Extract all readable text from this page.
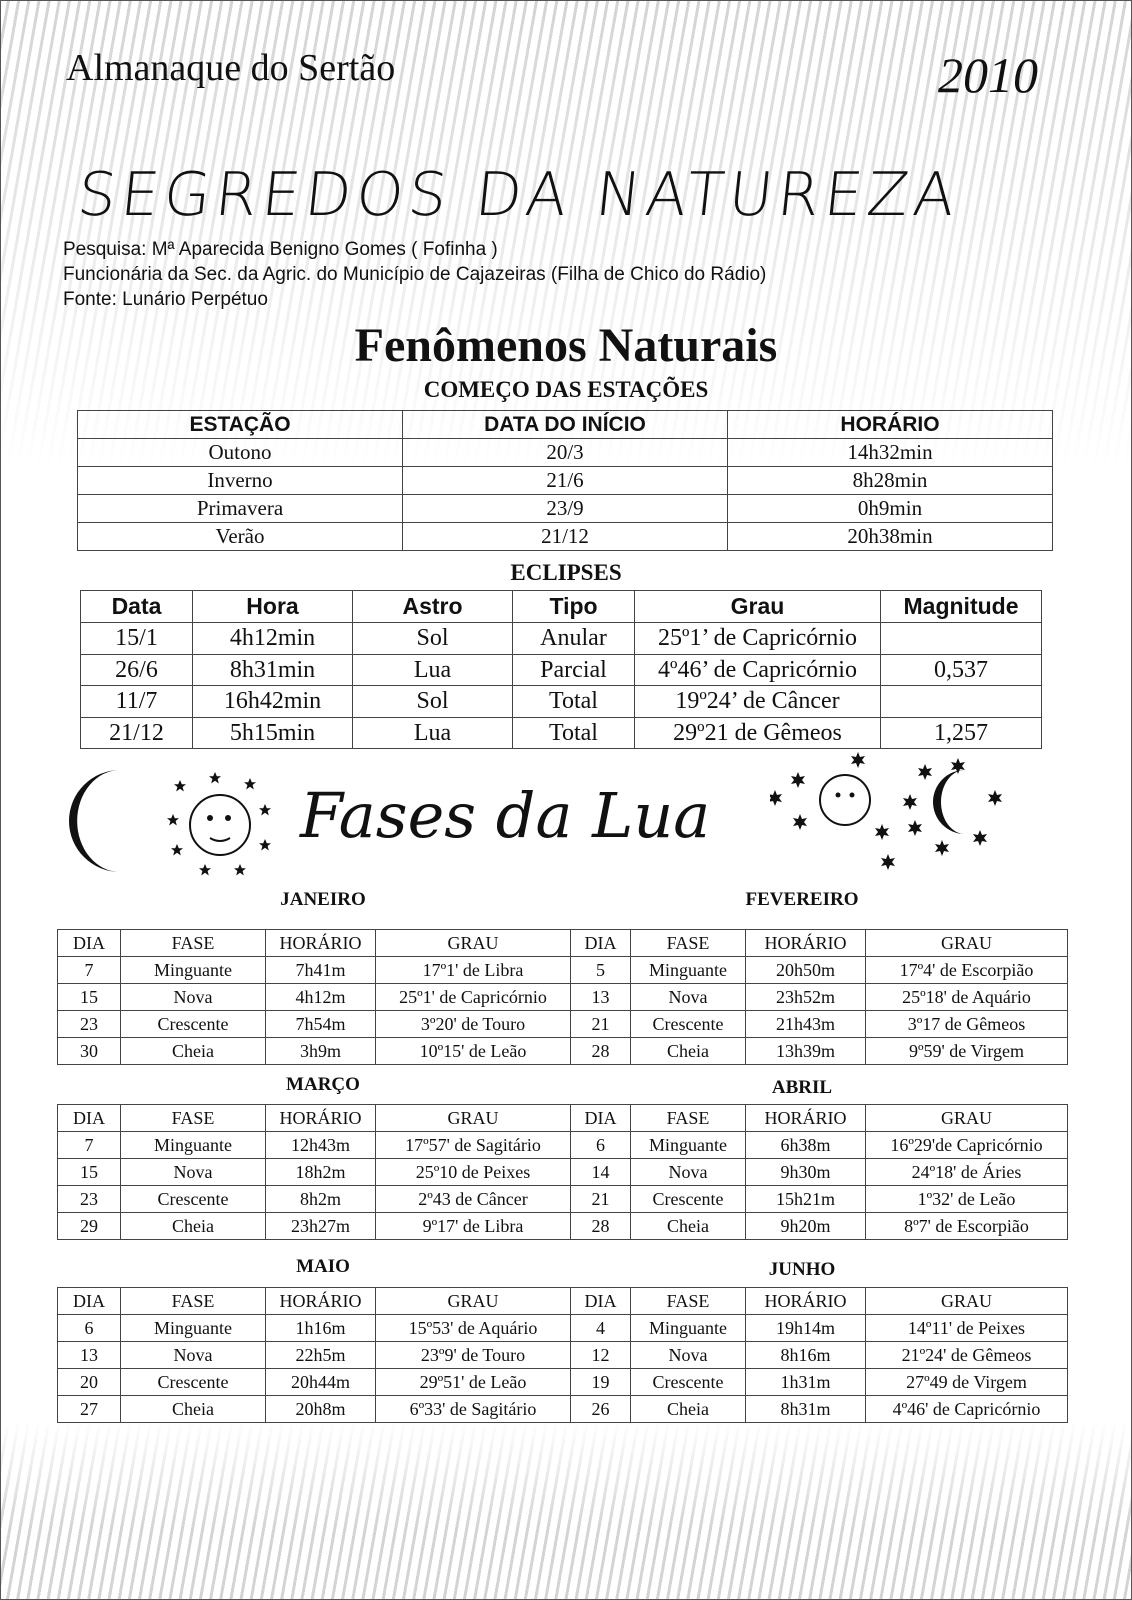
Almanaque do Sertão	2010
SEGREDOS DA NATUREZA
Pesquisa: Mª Aparecida Benigno Gomes ( Fofinha )
Funcionária da Sec. da Agric. do Município de Cajazeiras (Filha de Chico do Rádio)
Fonte: Lunário Perpétuo
Fenômenos Naturais
COMEÇO DAS ESTAÇÕES
ESTAÇÃO	DATA DO INÍCIO	HORÁRIO
Outono	20/3	14h32min
Inverno	21/6	8h28min
Primavera	23/9	0h9min
Verão	21/12	20h38min
ECLIPSES
Data	Hora	Astro	Tipo	Grau	Magnitude
15/1	4h12min	Sol	Anular	25º1’ de Capricórnio	
26/6	8h31min	Lua	Parcial	4º46’ de Capricórnio	0,537
11/7	16h42min	Sol	Total	19º24’ de Câncer	
21/12	5h15min	Lua	Total	29º21 de Gêmeos	1,257
Fases da Lua
JANEIRO	FEVEREIRO
DIA	FASE	HORÁRIO	GRAU	DIA	FASE	HORÁRIO	GRAU
7	Minguante	7h41m	17º1' de Libra	5	Minguante	20h50m	17º4' de Escorpião
15	Nova	4h12m	25º1' de Capricórnio	13	Nova	23h52m	25º18' de Aquário
23	Crescente	7h54m	3º20' de Touro	21	Crescente	21h43m	3º17 de Gêmeos
30	Cheia	3h9m	10º15' de Leão	28	Cheia	13h39m	9º59' de Virgem
MARÇO	ABRIL
DIA	FASE	HORÁRIO	GRAU	DIA	FASE	HORÁRIO	GRAU
7	Minguante	12h43m	17º57' de Sagitário	6	Minguante	6h38m	16º29'de Capricórnio
15	Nova	18h2m	25º10 de Peixes	14	Nova	9h30m	24º18' de Áries
23	Crescente	8h2m	2º43 de Câncer	21	Crescente	15h21m	1º32' de Leão
29	Cheia	23h27m	9º17' de Libra	28	Cheia	9h20m	8º7' de Escorpião
MAIO	JUNHO
DIA	FASE	HORÁRIO	GRAU	DIA	FASE	HORÁRIO	GRAU
6	Minguante	1h16m	15º53' de Aquário	4	Minguante	19h14m	14º11' de Peixes
13	Nova	22h5m	23º9' de Touro	12	Nova	8h16m	21º24' de Gêmeos
20	Crescente	20h44m	29º51' de Leão	19	Crescente	1h31m	27º49 de Virgem
27	Cheia	20h8m	6º33' de Sagitário	26	Cheia	8h31m	4º46' de Capricórnio
